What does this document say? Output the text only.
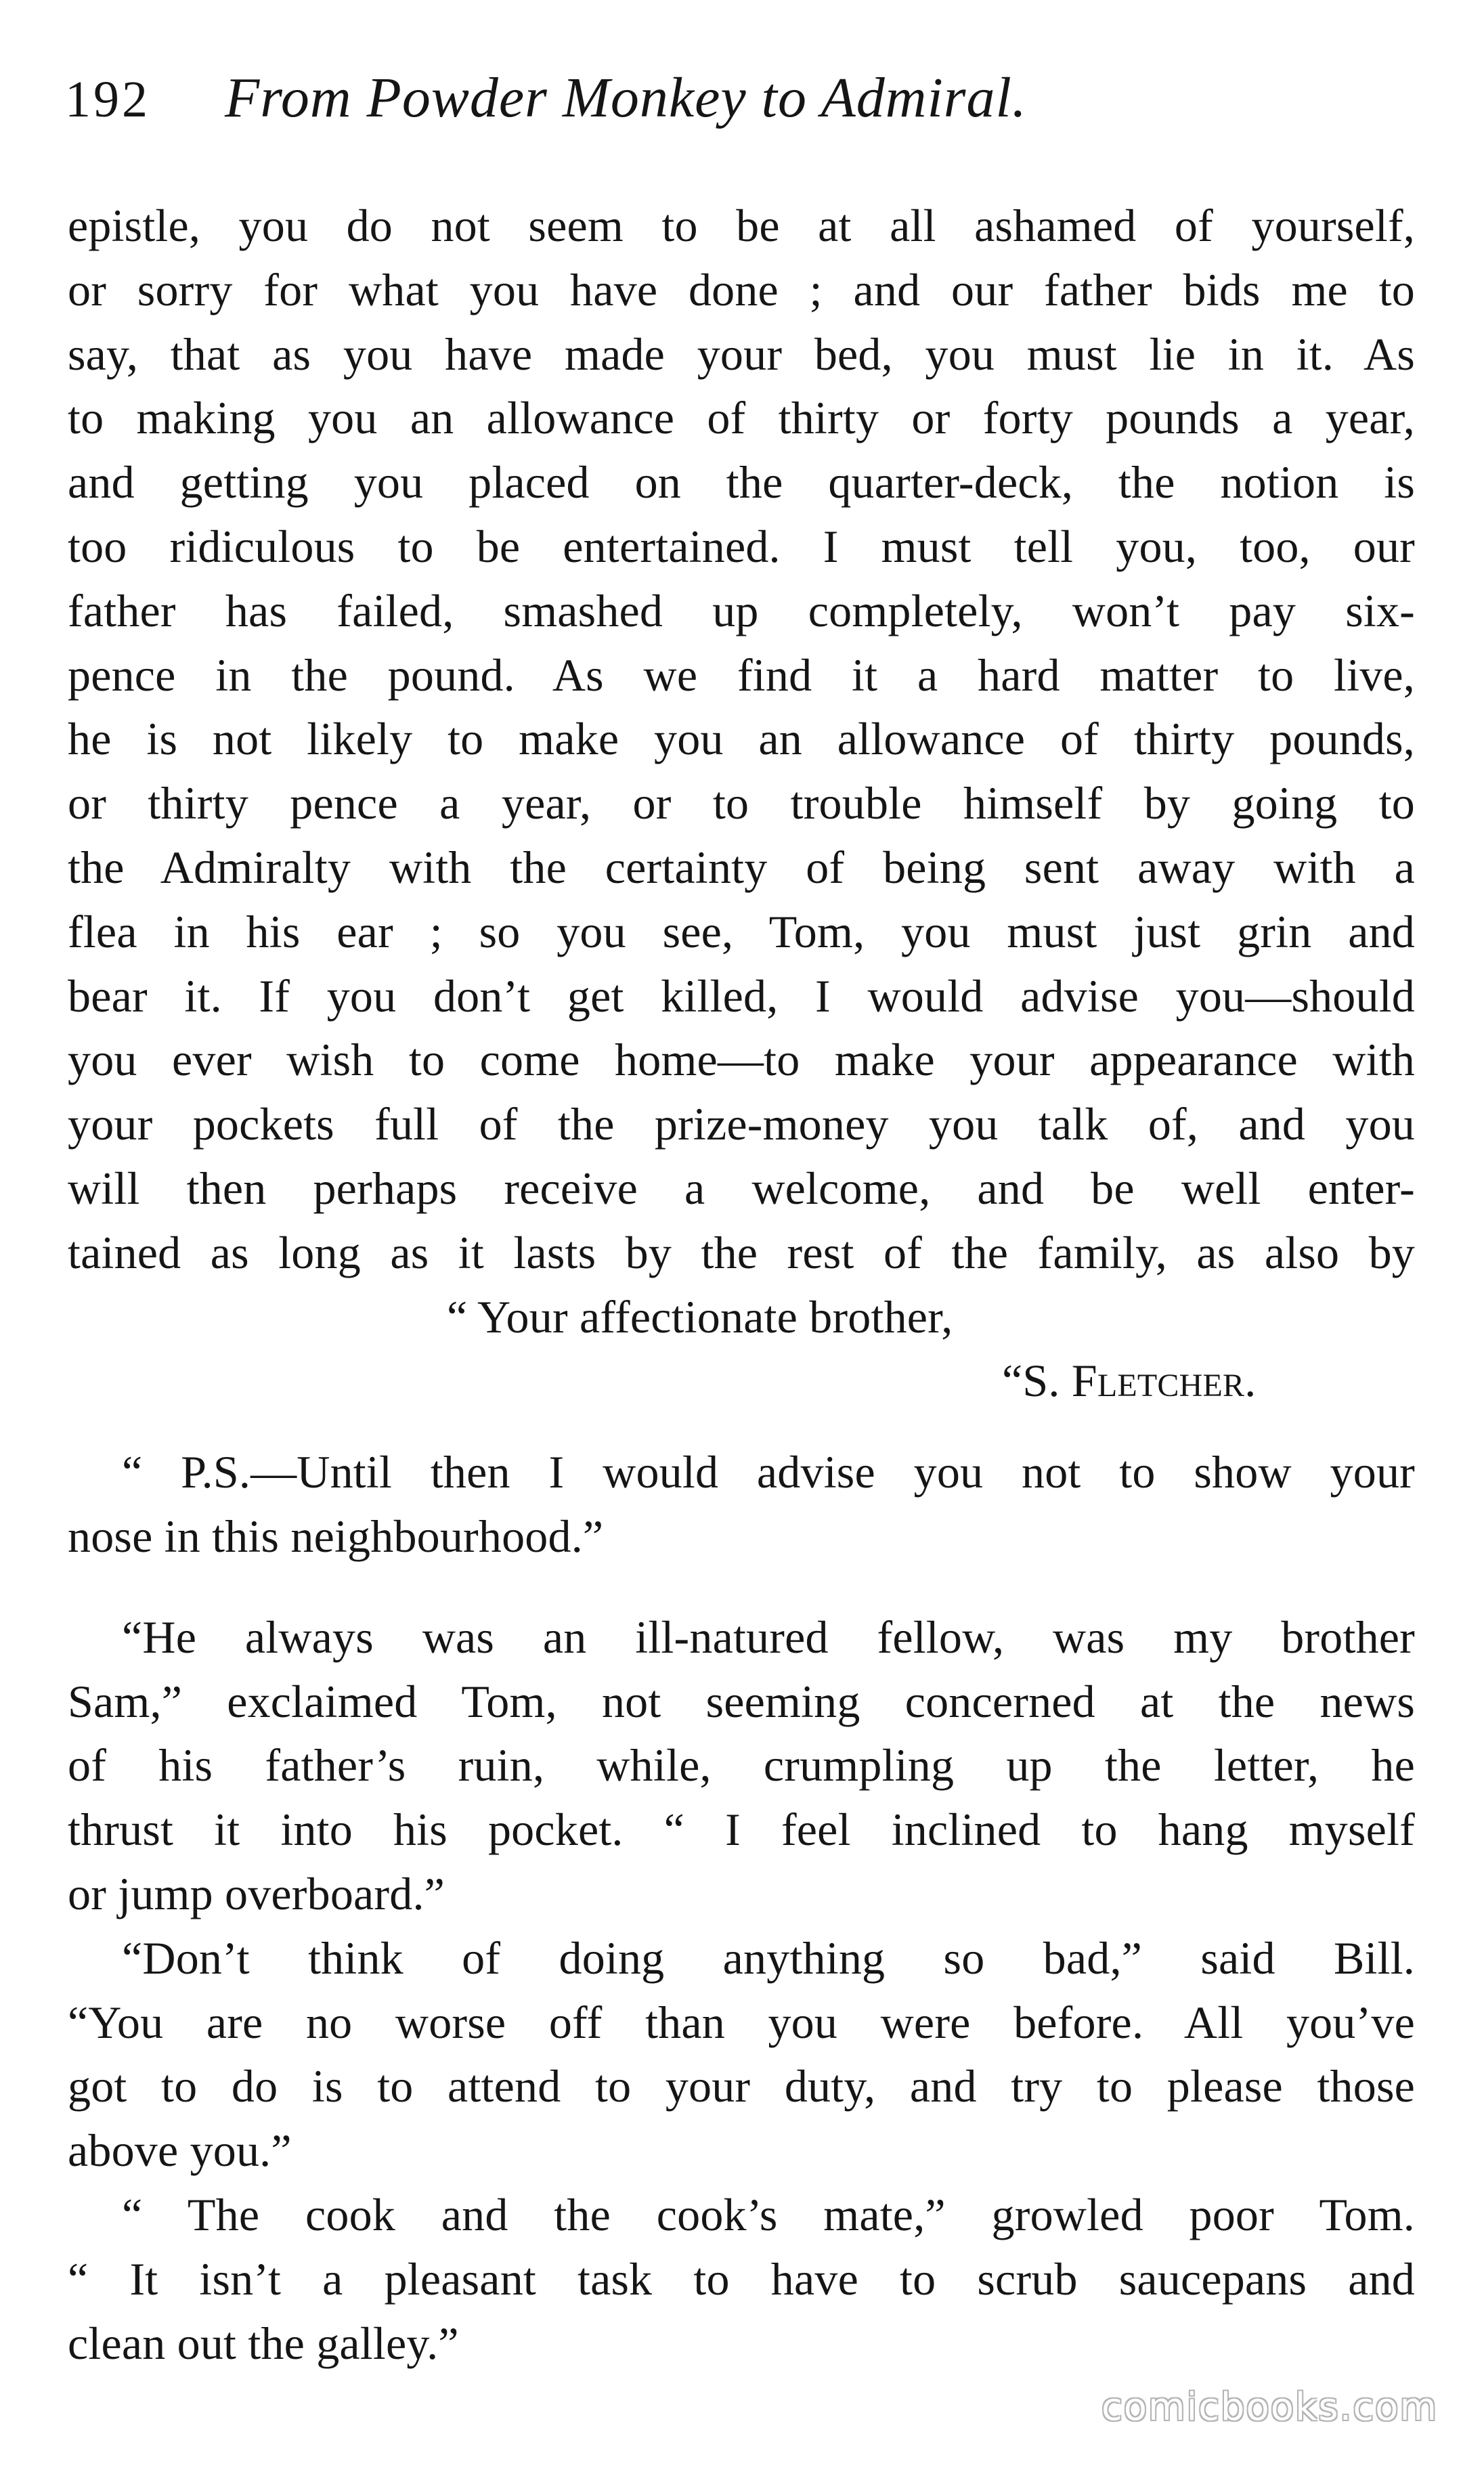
192 From Powder Monkey to Admiral.
epistle, you do not seem to be at all ashamed of yourself,
or sorry for what you have done ; and our father bids me to
say, that as you have made your bed, you must lie in it. As
to making you an allowance of thirty or forty pounds a year,
and getting you placed on the quarter-deck, the notion is
too ridiculous to be entertained. I must tell you, too, our
father has failed, smashed up completely, won’t pay six-
pence in the pound. As we find it a hard matter to live,
he is not likely to make you an allowance of thirty pounds,
or thirty pence a year, or to trouble himself by going to
the Admiralty with the certainty of being sent away with a
flea in his ear ; so you see, Tom, you must just grin and
bear it. If you don’t get killed, I would advise you—should
you ever wish to come home—to make your appearance with
your pockets full of the prize-money you talk of, and you
will then perhaps receive a welcome, and be well enter-
tained as long as it lasts by the rest of the family, as also by
“ Your affectionate brother,
“S. Fletcher.
“ P.S.—Until then I would advise you not to show your
nose in this neighbourhood.”
“He always was an ill-natured fellow, was my brother
Sam,” exclaimed Tom, not seeming concerned at the news
of his father’s ruin, while, crumpling up the letter, he
thrust it into his pocket. “ I feel inclined to hang myself
or jump overboard.”
“Don’t think of doing anything so bad,” said Bill.
“You are no worse off than you were before. All you’ve
got to do is to attend to your duty, and try to please those
above you.”
“ The cook and the cook’s mate,” growled poor Tom.
“ It isn’t a pleasant task to have to scrub saucepans and
clean out the galley.”
comicbooks.com
